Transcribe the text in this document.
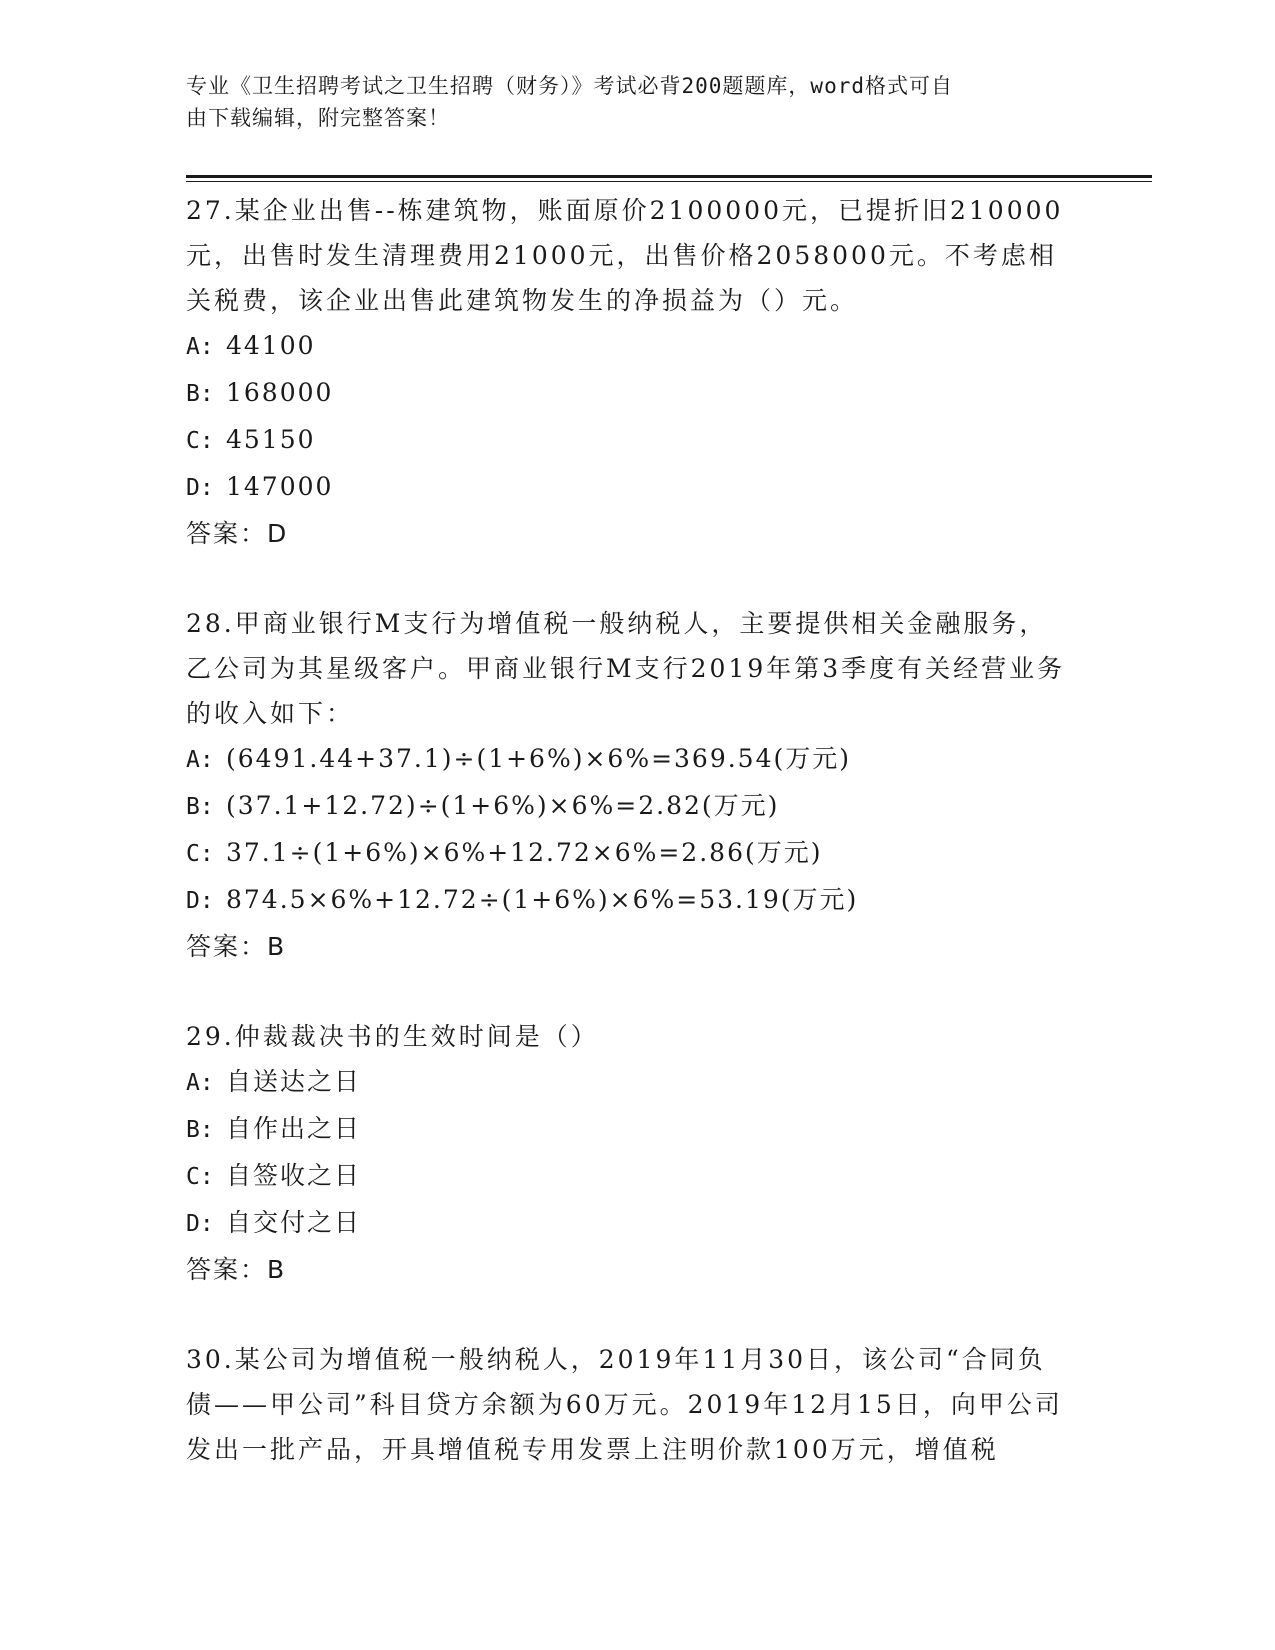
专业《卫生招聘考试之卫生招聘（财务）》考试必背200题题库，word格式可自
由下载编辑，附完整答案！

27.某企业出售--栋建筑物，账面原价2100000元，已提折旧210000元，出售时发生清理费用21000元，出售价格2058000元。不考虑相关税费，该企业出售此建筑物发生的净损益为（）元。

A: 44100

B: 168000

C: 45150

D: 147000

答案：D

28.甲商业银行M支行为增值税一般纳税人，主要提供相关金融服务，乙公司为其星级客户。甲商业银行M支行2019年第3季度有关经营业务的收入如下：

A: (6491.44+37.1)÷(1+6%)×6%=369.54(万元)

B: (37.1+12.72)÷(1+6%)×6%=2.82(万元)

C: 37.1÷(1+6%)×6%+12.72×6%=2.86(万元)

D: 874.5×6%+12.72÷(1+6%)×6%=53.19(万元)

答案：B

29.仲裁裁决书的生效时间是（）

A: 自送达之日

B: 自作出之日

C: 自签收之日

D: 自交付之日

答案：B

30.某公司为增值税一般纳税人，2019年11月30日，该公司“合同负债——甲公司”科目贷方余额为60万元。2019年12月15日，向甲公司发出一批产品，开具增值税专用发票上注明价款100万元，增值税
